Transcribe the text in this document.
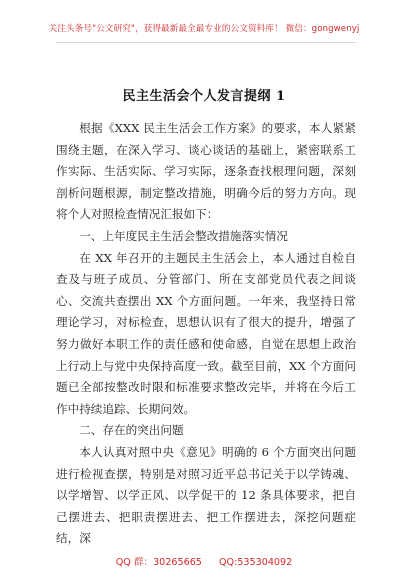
关注头条号"公文研究"，获得最新最全最专业的公文资料库！ 微信：gongwenyj
民主生活会个人发言提纲 1

根据《XXX 民主生活会工作方案》的要求，本人紧紧围绕主题，在深入学习、谈心谈话的基础上，紧密联系工作实际、生活实际、学习实际，逐条查找根理问题，深刻剖析问题根源，制定整改措施，明确今后的努力方向。现将个人对照检查情况汇报如下：

一、上年度民主生活会整改措施落实情况

在 XX 年召开的主题民主生活会上，本人通过自检自查及与班子成员、分管部门、所在支部党员代表之间谈心、交流共查摆出 XX 个方面问题。一年来，我坚持日常理论学习，对标检查，思想认识有了很大的提升，增强了努力做好本职工作的责任感和使命感，自觉在思想上政治上行动上与党中央保持高度一致。截至目前，XX 个方面问题已全部按整改时限和标准要求整改完毕，并将在今后工作中持续追踪、长期问效。

二、存在的突出问题

本人认真对照中央《意见》明确的 6 个方面突出问题进行检视查摆，特别是对照习近平总书记关于以学铸魂、以学增智、以学正风、以学促干的 12 条具体要求，把自己摆进去、把职责摆进去、把工作摆进去，深挖问题症结，深

QQ 群：30265665 QQ:535304092
